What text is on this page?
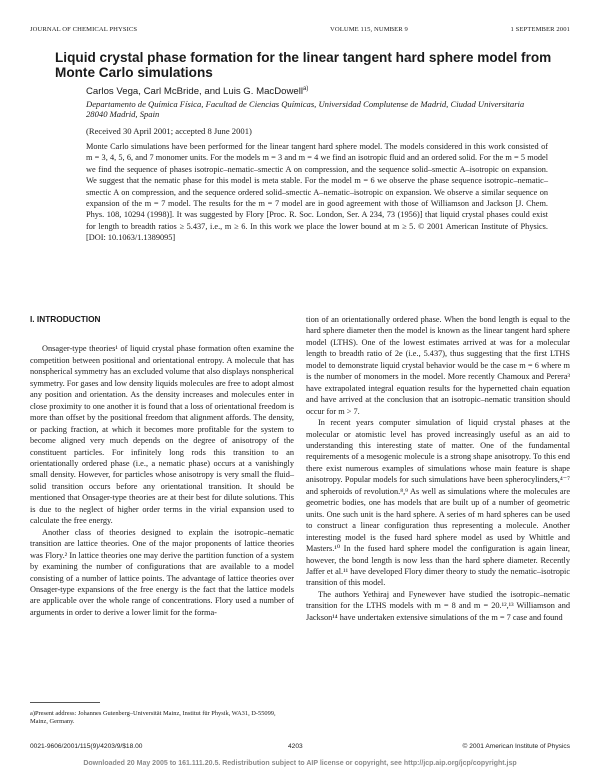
JOURNAL OF CHEMICAL PHYSICS	VOLUME 115, NUMBER 9	1 SEPTEMBER 2001
Liquid crystal phase formation for the linear tangent hard sphere model from Monte Carlo simulations
Carlos Vega, Carl McBride, and Luis G. MacDowell$^{a)}$
Departamento de Química Física, Facultad de Ciencias Químicas, Universidad Complutense de Madrid, Ciudad Universitaria 28040 Madrid, Spain
(Received 30 April 2001; accepted 8 June 2001)

Monte Carlo simulations have been performed for the linear tangent hard sphere model. The models considered in this work consisted of m = 3, 4, 5, 6, and 7 monomer units. For the models m = 3 and m = 4 we find an isotropic fluid and an ordered solid. For the m = 5 model we find the sequence of phases isotropic–nematic–smectic A on compression, and the sequence solid–smectic A–isotropic on expansion. We suggest that the nematic phase for this model is meta stable. For the model m = 6 we observe the phase sequence isotropic–nematic–smectic A on compression, and the sequence ordered solid–smectic A–nematic–isotropic on expansion. We observe a similar sequence on expansion of the m = 7 model. The results for the m = 7 model are in good agreement with those of Williamson and Jackson [J. Chem. Phys. 108, 10294 (1998)]. It was suggested by Flory [Proc. R. Soc. London, Ser. A 234, 73 (1956)] that liquid crystal phases could exist for length to breadth ratios ≥ 5.437, i.e., m ≥ 6. In this work we place the lower bound at m ≥ 5. © 2001 American Institute of Physics. [DOI: 10.1063/1.1389095]

I. INTRODUCTION

Onsager-type theories¹ of liquid crystal phase formation often examine the competition between positional and orientational entropy. A molecule that has nonspherical symmetry has an excluded volume that also displays nonspherical symmetry. For gases and low density liquids molecules are free to adopt almost any position and orientation. As the density increases and molecules enter in close proximity to one another it is found that a loss of orientational freedom is more than offset by the positional freedom that alignment affords. The density, or packing fraction, at which it becomes more profitable for the system to become aligned very much depends on the degree of anisotropy of the constituent particles. For infinitely long rods this transition to an orientationally ordered phase (i.e., a nematic phase) occurs at a vanishingly small density. However, for particles whose anisotropy is very small the fluid–solid transition occurs before any orientational transition. It should be mentioned that Onsager-type theories are at their best for dilute solutions. This is due to the neglect of higher order terms in the virial expansion used to calculate the free energy.

Another class of theories designed to explain the isotropic–nematic transition are lattice theories. One of the major proponents of lattice theories was Flory.² In lattice theories one may derive the partition function of a system by examining the number of configurations that are available to a model consisting of a number of lattice points. The advantage of lattice theories over Onsager-type expansions of the free energy is the fact that the lattice models are applicable over the whole range of concentrations. Flory used a number of arguments in order to derive a lower limit for the forma-

tion of an orientationally ordered phase. When the bond length is equal to the hard sphere diameter then the model is known as the linear tangent hard sphere model (LTHS). One of the lowest estimates arrived at was for a molecular length to breadth ratio of 2e (i.e., 5.437), thus suggesting that the first LTHS model to demonstrate liquid crystal behavior would be the case m = 6 where m is the number of monomers in the model. More recently Chamoux and Perera³ have extrapolated integral equation results for the hypernetted chain equation and have arrived at the conclusion that an isotropic–nematic transition should occur for m > 7.

In recent years computer simulation of liquid crystal phases at the molecular or atomistic level has proved increasingly useful as an aid to understanding this interesting state of matter. One of the fundamental requirements of a mesogenic molecule is a strong shape anisotropy. To this end there exist numerous examples of simulations whose main feature is shape anisotropy. Popular models for such simulations have been spherocylinders,⁴⁻⁷ and spheroids of revolution.⁸,⁹ As well as simulations where the molecules are geometric bodies, one has models that are built up of a number of geometric units. One such unit is the hard sphere. A series of m hard spheres can be used to construct a linear configuration thus representing a molecule. Another interesting model is the fused hard sphere model as used by Whittle and Masters.¹⁰ In the fused hard sphere model the configuration is again linear, however, the bond length is now less than the hard sphere diameter. Recently Jaffer et al.¹¹ have developed Flory dimer theory to study the nematic–isotropic transition of this model.

The authors Yethiraj and Fynewever have studied the isotropic–nematic transition for the LTHS models with m = 8 and m = 20.¹²,¹³ Williamson and Jackson¹⁴ have undertaken extensive simulations of the m = 7 case and found

a)Present address: Johannes Gutenberg–Universität Mainz, Institut für Physik, WA31, D-55099, Mainz, Germany.
0021-9606/2001/115(9)/4203/9/$18.00	4203	© 2001 American Institute of Physics
Downloaded 20 May 2005 to 161.111.20.5. Redistribution subject to AIP license or copyright, see http://jcp.aip.org/jcp/copyright.jsp
